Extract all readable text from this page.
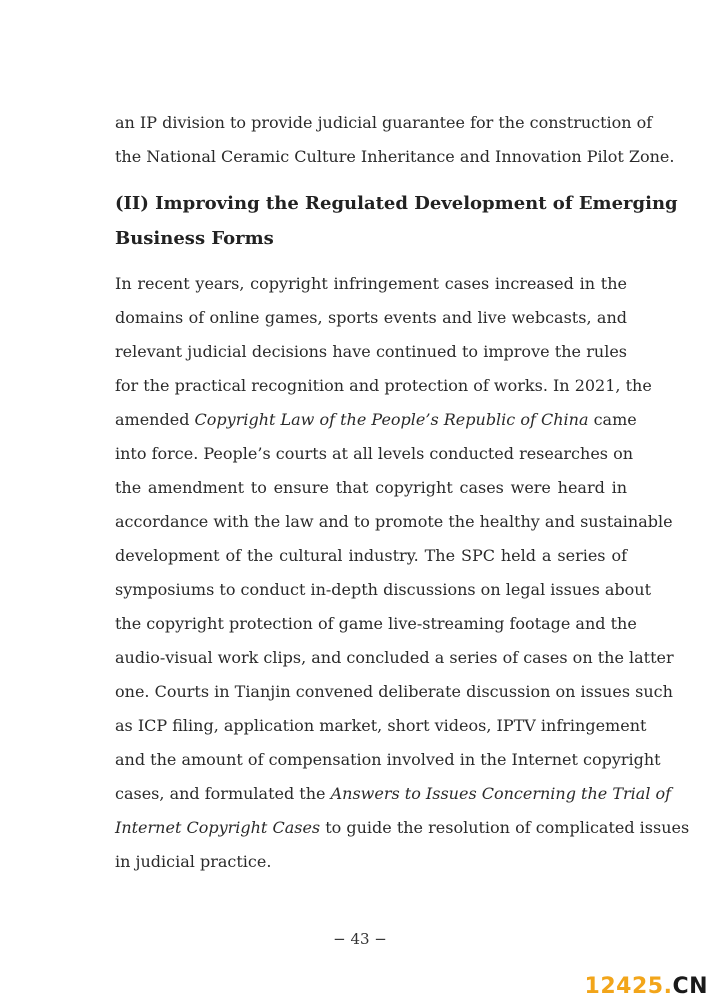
an IP division to provide judicial guarantee for the construction of
the National Ceramic Culture Inheritance and Innovation Pilot Zone.
(II) Improving the Regulated Development of Emerging
Business Forms
In recent years, copyright infringement cases increased in the
domains of online games, sports events and live webcasts, and
relevant judicial decisions have continued to improve the rules
for the practical recognition and protection of works. In 2021, the
amended Copyright Law of the People’s Republic of China came
into force. People’s courts at all levels conducted researches on
the amendment to ensure that copyright cases were heard in
accordance with the law and to promote the healthy and sustainable
development of the cultural industry. The SPC held a series of
symposiums to conduct in-depth discussions on legal issues about
the copyright protection of game live-streaming footage and the
audio-visual work clips, and concluded a series of cases on the latter
one. Courts in Tianjin convened deliberate discussion on issues such
as ICP filing, application market, short videos, IPTV infringement
and the amount of compensation involved in the Internet copyright
cases, and formulated the Answers to Issues Concerning the Trial of
Internet Copyright Cases to guide the resolution of complicated issues
in judicial practice.
− 43 −
12425.CN
